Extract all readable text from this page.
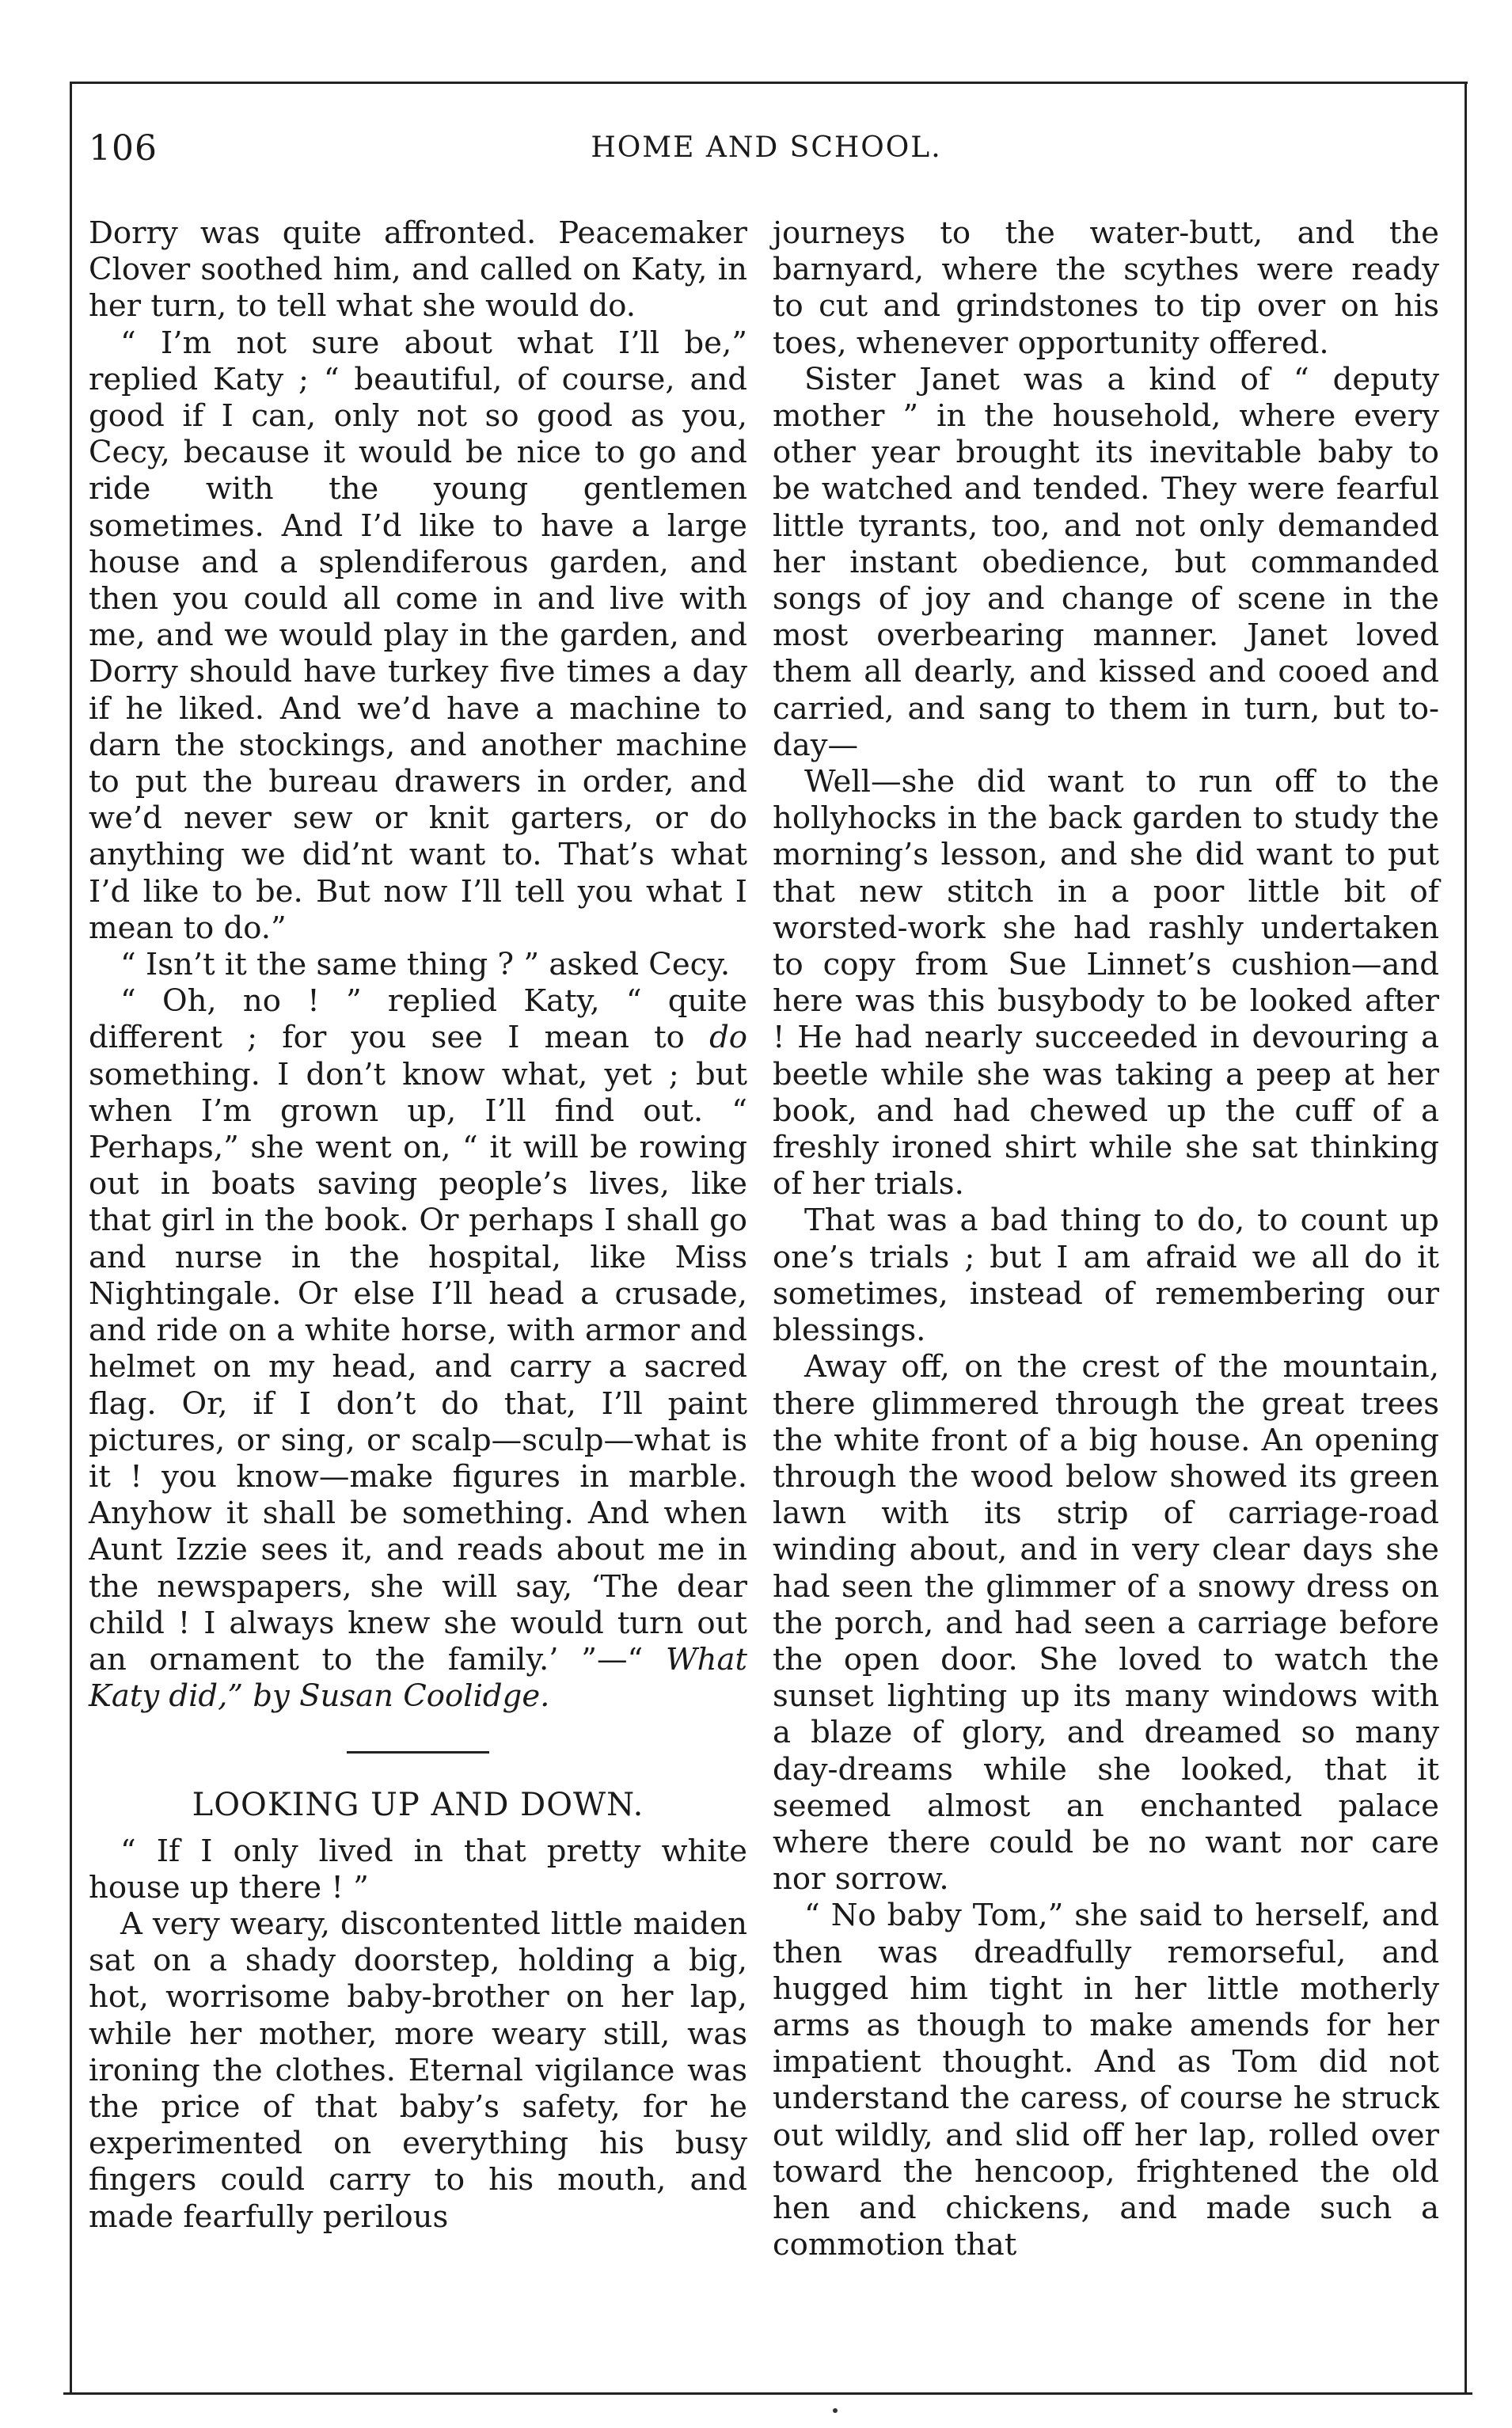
106	HOME AND SCHOOL.

Dorry was quite affronted. Peacemaker Clover soothed him, and called on Katy, in her turn, to tell what she would do.

“ I’m not sure about what I’ll be,” replied Katy ; “ beautiful, of course, and good if I can, only not so good as you, Cecy, because it would be nice to go and ride with the young gentlemen sometimes. And I’d like to have a large house and a splendiferous garden, and then you could all come in and live with me, and we would play in the garden, and Dorry should have turkey five times a day if he liked. And we’d have a machine to darn the stockings, and another machine to put the bureau drawers in order, and we’d never sew or knit garters, or do anything we did’nt want to. That’s what I’d like to be. But now I’ll tell you what I mean to do.”

“ Isn’t it the same thing ? ” asked Cecy.

“ Oh, no ! ” replied Katy, “ quite different ; for you see I mean to do something. I don’t know what, yet ; but when I’m grown up, I’ll find out. “ Perhaps,” she went on, “ it will be rowing out in boats saving people’s lives, like that girl in the book. Or perhaps I shall go and nurse in the hospital, like Miss Nightingale. Or else I’ll head a crusade, and ride on a white horse, with armor and helmet on my head, and carry a sacred flag. Or, if I don’t do that, I’ll paint pictures, or sing, or scalp—sculp—what is it ! you know—make figures in marble. Anyhow it shall be something. And when Aunt Izzie sees it, and reads about me in the newspapers, she will say, ‘The dear child ! I always knew she would turn out an ornament to the family.’ ”—“ What Katy did,” by Susan Coolidge.

LOOKING UP AND DOWN.

“ If I only lived in that pretty white house up there ! ”

A very weary, discontented little maiden sat on a shady doorstep, holding a big, hot, worrisome baby-brother on her lap, while her mother, more weary still, was ironing the clothes. Eternal vigilance was the price of that baby’s safety, for he experimented on everything his busy fingers could carry to his mouth, and made fearfully perilous

journeys to the water-butt, and the barnyard, where the scythes were ready to cut and grindstones to tip over on his toes, whenever opportunity offered.

Sister Janet was a kind of “ deputy mother ” in the household, where every other year brought its inevitable baby to be watched and tended. They were fearful little tyrants, too, and not only demanded her instant obedience, but commanded songs of joy and change of scene in the most overbearing manner. Janet loved them all dearly, and kissed and cooed and carried, and sang to them in turn, but to-day—

Well—she did want to run off to the hollyhocks in the back garden to study the morning’s lesson, and she did want to put that new stitch in a poor little bit of worsted-work she had rashly undertaken to copy from Sue Linnet’s cushion—and here was this busybody to be looked after ! He had nearly succeeded in devouring a beetle while she was taking a peep at her book, and had chewed up the cuff of a freshly ironed shirt while she sat thinking of her trials.

That was a bad thing to do, to count up one’s trials ; but I am afraid we all do it sometimes, instead of remembering our blessings.

Away off, on the crest of the mountain, there glimmered through the great trees the white front of a big house. An opening through the wood below showed its green lawn with its strip of carriage-road winding about, and in very clear days she had seen the glimmer of a snowy dress on the porch, and had seen a carriage before the open door. She loved to watch the sunset lighting up its many windows with a blaze of glory, and dreamed so many day-dreams while she looked, that it seemed almost an enchanted palace where there could be no want nor care nor sorrow.

“ No baby Tom,” she said to herself, and then was dreadfully remorseful, and hugged him tight in her little motherly arms as though to make amends for her impatient thought. And as Tom did not understand the caress, of course he struck out wildly, and slid off her lap, rolled over toward the hencoop, frightened the old hen and chickens, and made such a commotion that
